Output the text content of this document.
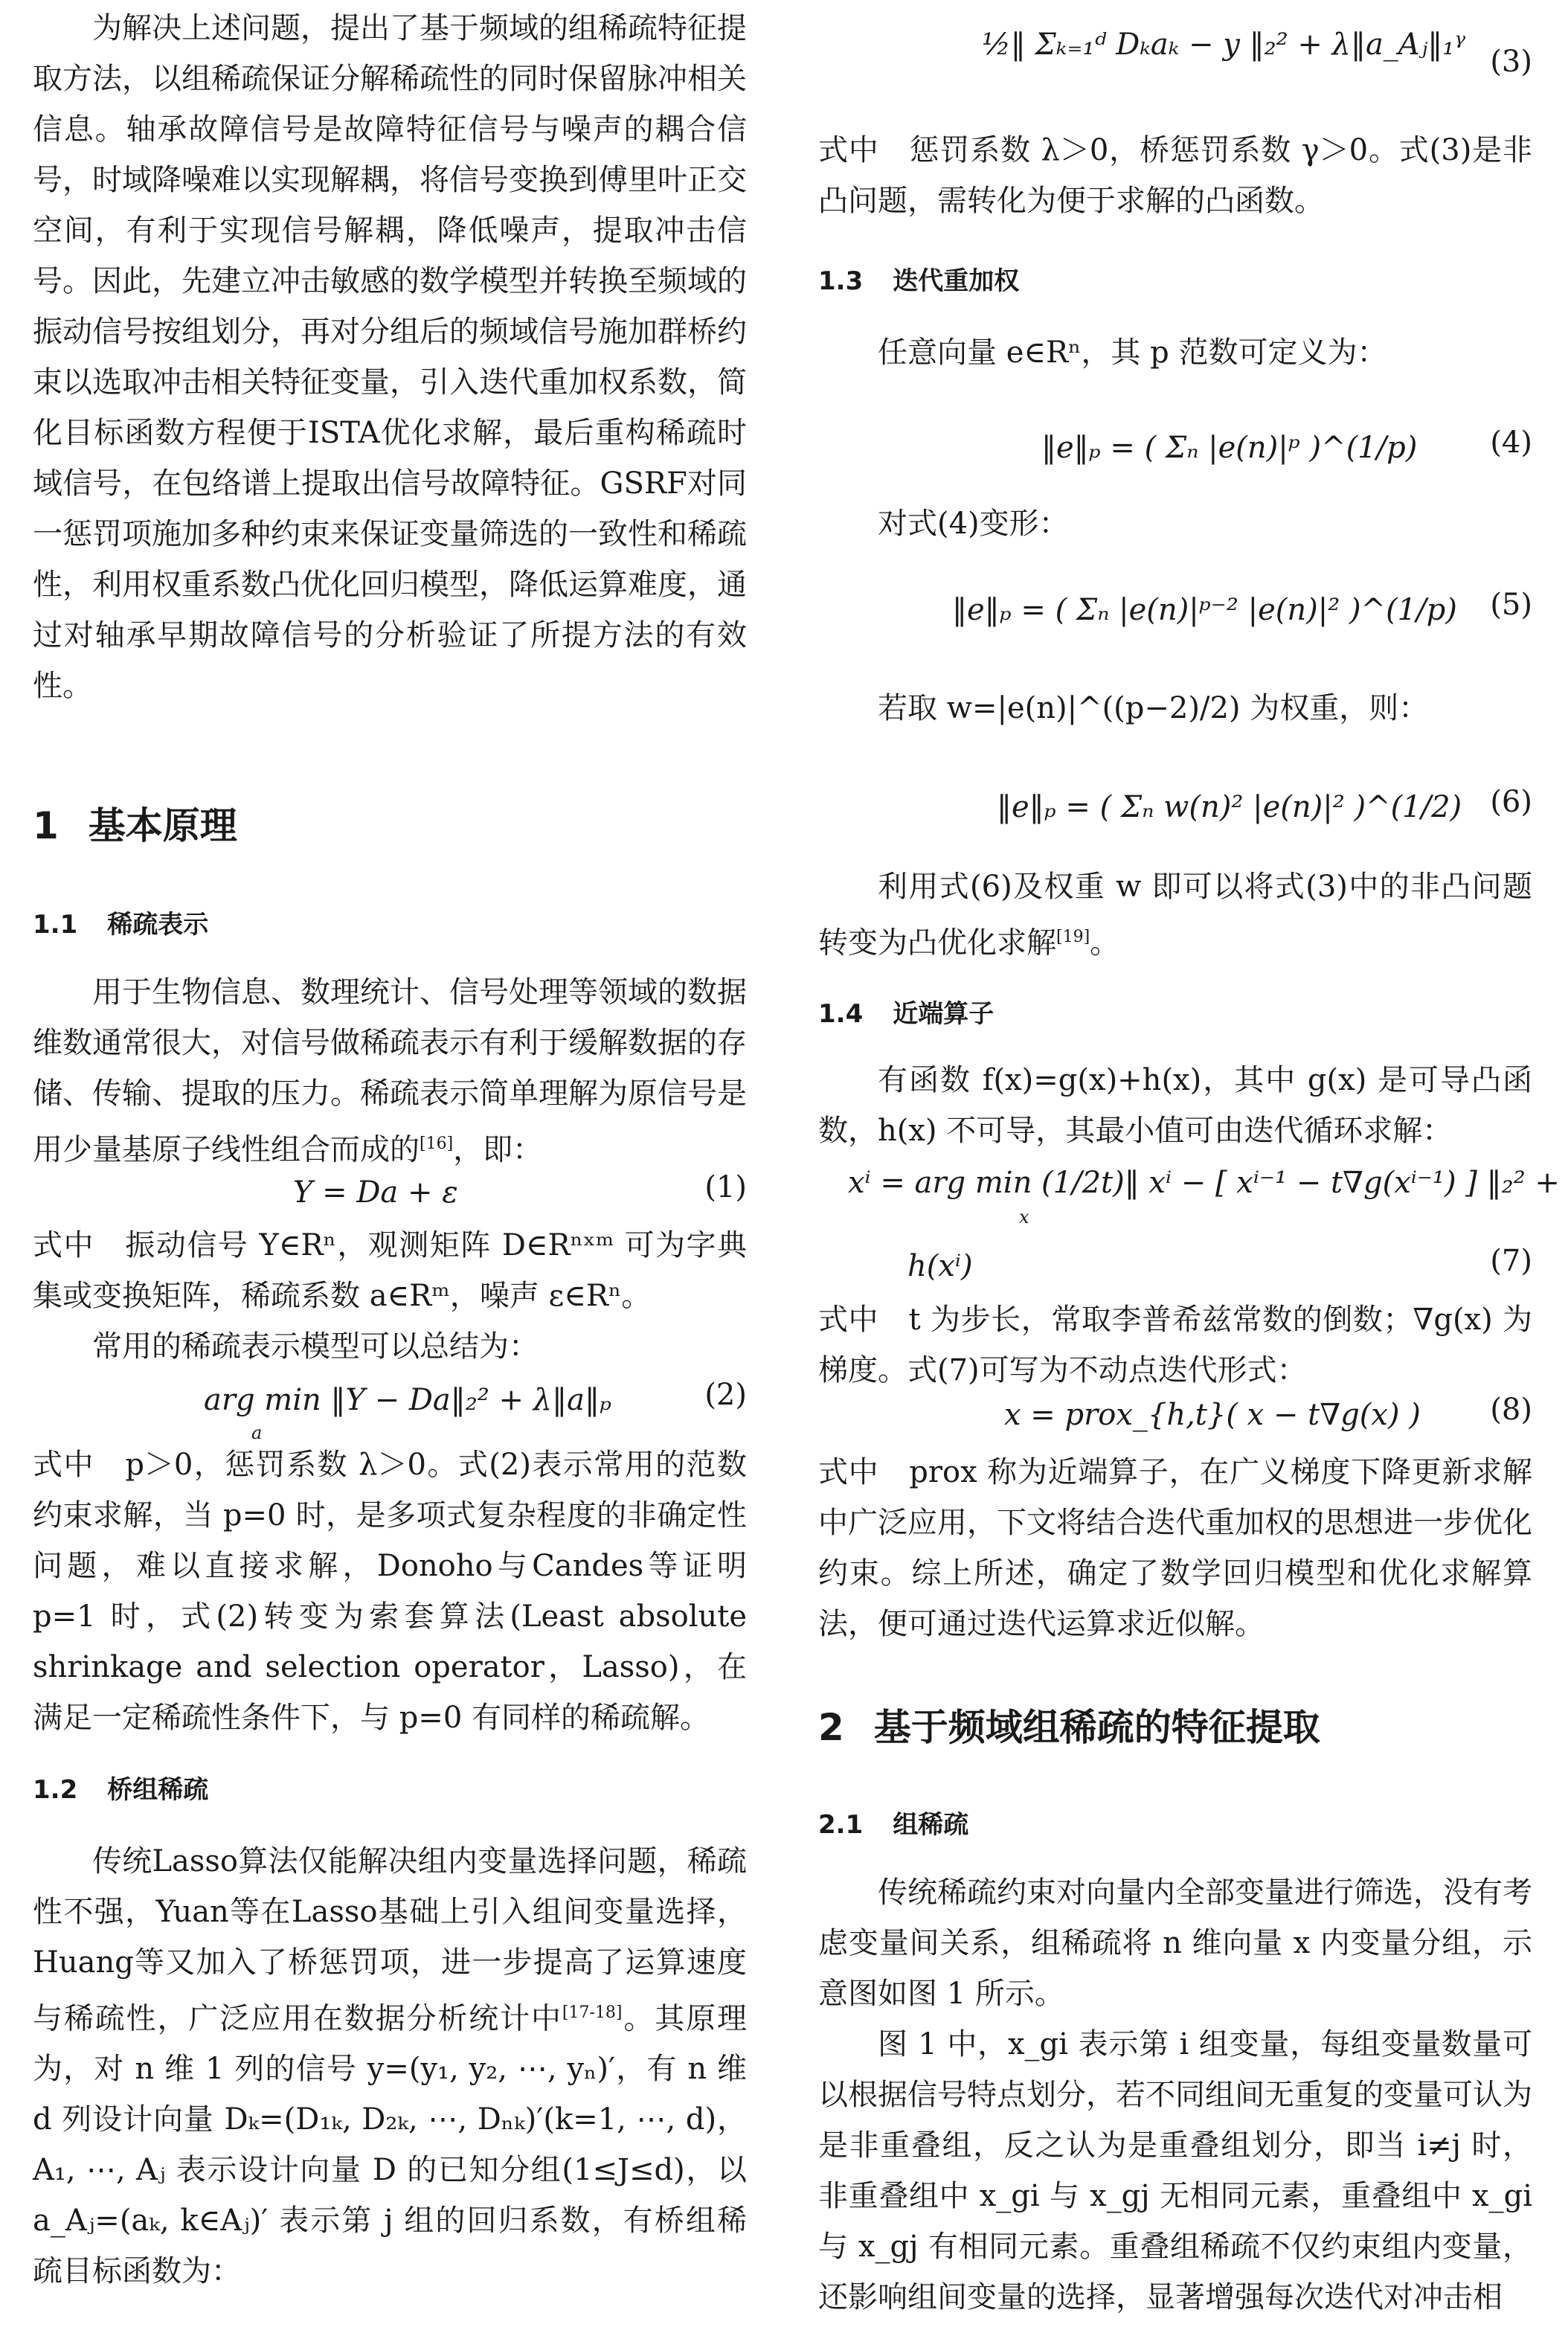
为解决上述问题，提出了基于频域的组稀疏特征提取方法，以组稀疏保证分解稀疏性的同时保留脉冲相关信息。轴承故障信号是故障特征信号与噪声的耦合信号，时域降噪难以实现解耦，将信号变换到傅里叶正交空间，有利于实现信号解耦，降低噪声，提取冲击信号。因此，先建立冲击敏感的数学模型并转换至频域的振动信号按组划分，再对分组后的频域信号施加群桥约束以选取冲击相关特征变量，引入迭代重加权系数，简化目标函数方程便于ISTA优化求解，最后重构稀疏时域信号，在包络谱上提取出信号故障特征。GSRF对同一惩罚项施加多种约束来保证变量筛选的一致性和稀疏性，利用权重系数凸优化回归模型，降低运算难度，通过对轴承早期故障信号的分析验证了所提方法的有效性。

1 基本原理
1.1 稀疏表示

用于生物信息、数理统计、信号处理等领域的数据维数通常很大，对信号做稀疏表示有利于缓解数据的存储、传输、提取的压力。稀疏表示简单理解为原信号是用少量基原子线性组合而成的[16]，即：

Y = Da + ε	(1)

式中　振动信号 Y∈Rⁿ，观测矩阵 D∈Rⁿˣᵐ 可为字典集或变换矩阵，稀疏系数 a∈Rᵐ，噪声 ε∈Rⁿ。

常用的稀疏表示模型可以总结为：

arg min ‖Y − Da‖₂² + λ‖a‖ₚ
a
(2)

式中　p＞0，惩罚系数 λ＞0。式(2)表示常用的范数约束求解，当 p=0 时，是多项式复杂程度的非确定性问题，难以直接求解，Donoho与Candes等证明 p=1 时，式(2)转变为索套算法(Least absolute shrinkage and selection operator，Lasso)，在满足一定稀疏性条件下，与 p=0 有同样的稀疏解。

1.2 桥组稀疏

传统Lasso算法仅能解决组内变量选择问题，稀疏性不强，Yuan等在Lasso基础上引入组间变量选择，Huang等又加入了桥惩罚项，进一步提高了运算速度与稀疏性，广泛应用在数据分析统计中[17-18]。其原理为，对 n 维 1 列的信号 y=(y₁, y₂, ⋯, yₙ)′，有 n 维 d 列设计向量 Dₖ=(D₁ₖ, D₂ₖ, ⋯, Dₙₖ)′(k=1, ⋯, d)，A₁, ⋯, Aⱼ 表示设计向量 D 的已知分组(1≤J≤d)，以 a_Aⱼ=(aₖ, k∈Aⱼ)′ 表示第 j 组的回归系数，有桥组稀疏目标函数为：

½‖ Σₖ₌₁ᵈ Dₖaₖ − y ‖₂² + λ‖a_Aⱼ‖₁ᵞ (3)

式中　惩罚系数 λ＞0，桥惩罚系数 γ＞0。式(3)是非凸问题，需转化为便于求解的凸函数。

1.3 迭代重加权

任意向量 e∈Rⁿ，其 p 范数可定义为：

‖e‖ₚ = ( Σₙ |e(n)|ᵖ )^(1/p) (4)

对式(4)变形：

‖e‖ₚ = ( Σₙ |e(n)|ᵖ⁻² |e(n)|² )^(1/p) (5)

若取 w=|e(n)|^((p−2)/2) 为权重，则：

‖e‖ₚ = ( Σₙ w(n)² |e(n)|² )^(1/2) (6)

利用式(6)及权重 w 即可以将式(3)中的非凸问题转变为凸优化求解[19]。

1.4 近端算子

有函数 f(x)=g(x)+h(x)，其中 g(x) 是可导凸函数，h(x) 不可导，其最小值可由迭代循环求解：

xⁱ = arg min (1/2t)‖ xⁱ − [ xⁱ⁻¹ − t∇g(xⁱ⁻¹) ] ‖₂² +
x
h(xⁱ)	(7)

式中　t 为步长，常取李普希兹常数的倒数；∇g(x) 为梯度。式(7)可写为不动点迭代形式：

x = prox_{h,t}( x − t∇g(x) ) (8)

式中　prox 称为近端算子，在广义梯度下降更新求解中广泛应用，下文将结合迭代重加权的思想进一步优化约束。综上所述，确定了数学回归模型和优化求解算法，便可通过迭代运算求近似解。

2 基于频域组稀疏的特征提取
2.1 组稀疏

传统稀疏约束对向量内全部变量进行筛选，没有考虑变量间关系，组稀疏将 n 维向量 x 内变量分组，示意图如图 1 所示。

图 1 中，x_gi 表示第 i 组变量，每组变量数量可以根据信号特点划分，若不同组间无重复的变量可认为是非重叠组，反之认为是重叠组划分，即当 i≠j 时，非重叠组中 x_gi 与 x_gj 无相同元素，重叠组中 x_gi 与 x_gj 有相同元素。重叠组稀疏不仅约束组内变量，还影响组间变量的选择，显著增强每次迭代对冲击相
